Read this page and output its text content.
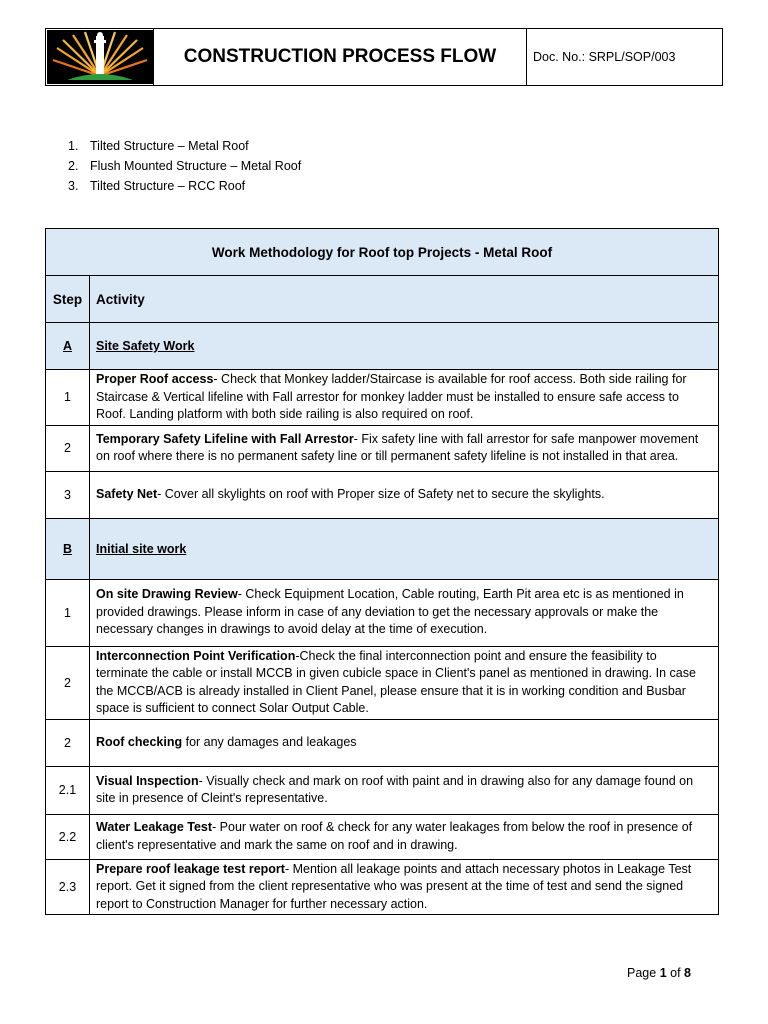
CONSTRUCTION PROCESS FLOW	Doc. No.: SRPL/SOP/003
1. Tilted Structure – Metal Roof
2. Flush Mounted Structure – Metal Roof
3. Tilted Structure – RCC Roof
Work Methodology for Roof top Projects - Metal Roof	
Step	Activity
A	Site Safety Work
1	Proper Roof access- Check that Monkey ladder/Staircase is available for roof access. Both side railing for Staircase & Vertical lifeline with Fall arrestor for monkey ladder must be installed to ensure safe access to Roof. Landing platform with both side railing is also required on roof.
2	Temporary Safety Lifeline with Fall Arrestor- Fix safety line with fall arrestor for safe manpower movement on roof where there is no permanent safety line or till permanent safety lifeline is not installed in that area.
3	Safety Net- Cover all skylights on roof with Proper size of Safety net to secure the skylights.
B	Initial site work
1	On site Drawing Review- Check Equipment Location, Cable routing, Earth Pit area etc is as mentioned in provided drawings. Please inform in case of any deviation to get the necessary approvals or make the necessary changes in drawings to avoid delay at the time of execution.
2	Interconnection Point Verification-Check the final interconnection point and ensure the feasibility to terminate the cable or install MCCB in given cubicle space in Client's panel as mentioned in drawing. In case the MCCB/ACB is already installed in Client Panel, please ensure that it is in working condition and Busbar space is sufficient to connect Solar Output Cable.
2	Roof checking for any damages and leakages
2.1	Visual Inspection- Visually check and mark on roof with paint and in drawing also for any damage found on site in presence of Cleint's representative.
2.2	Water Leakage Test- Pour water on roof & check for any water leakages from below the roof in presence of client's representative and mark the same on roof and in drawing.
2.3	Prepare roof leakage test report- Mention all leakage points and attach necessary photos in Leakage Test report. Get it signed from the client representative who was present at the time of test and send the signed report to Construction Manager for further necessary action.
Page 1 of 8
